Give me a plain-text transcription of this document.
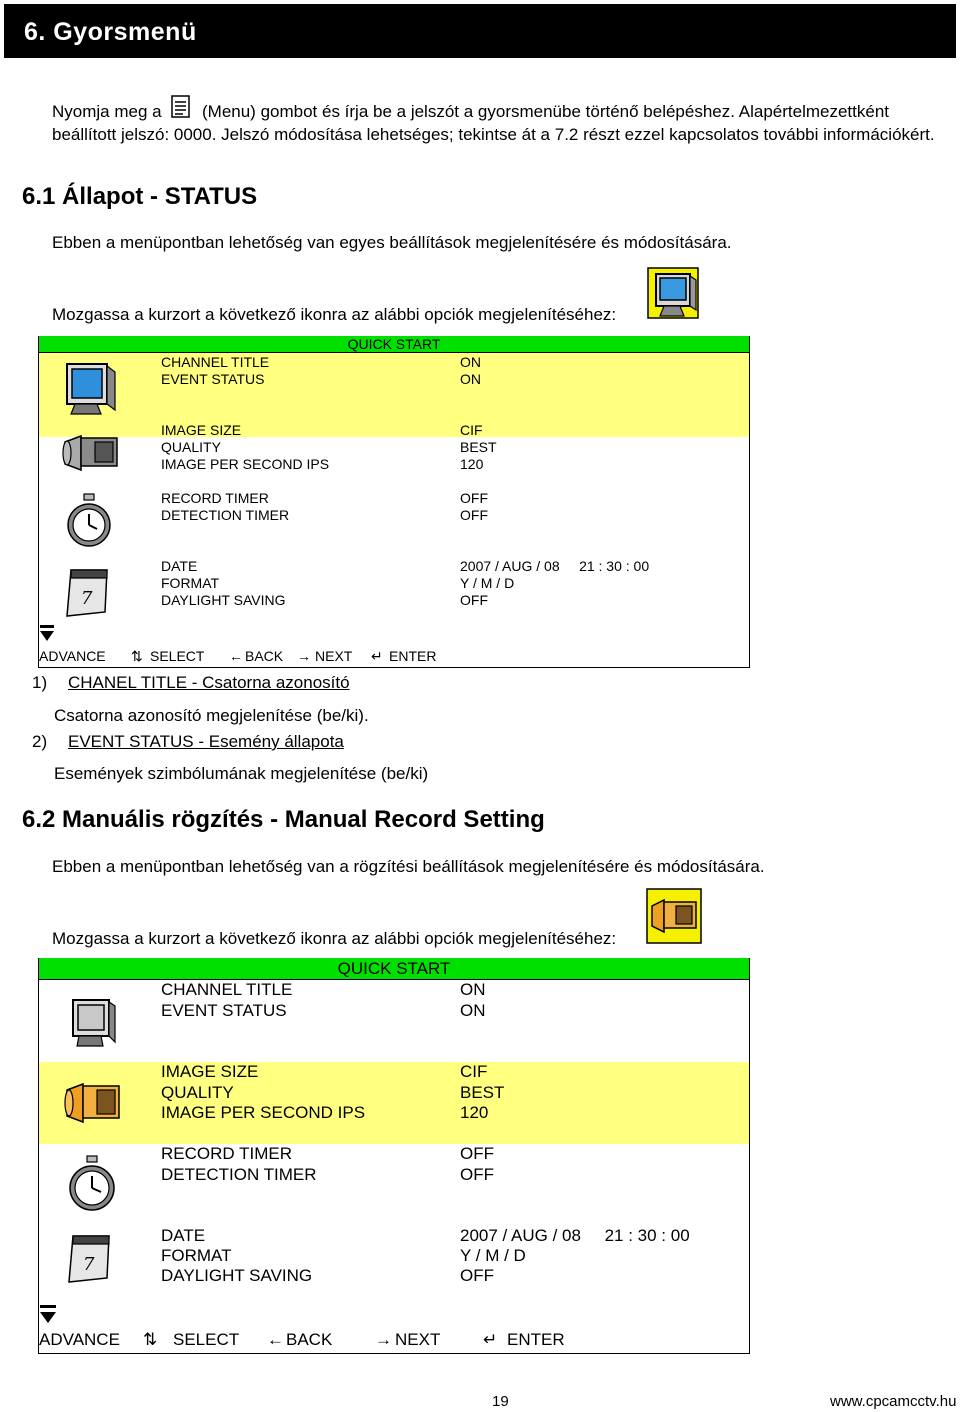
6. Gyorsmenü
Nyomja meg a (Menu) gombot és írja be a jelszót a gyorsmenübe történő belépéshez. Alapértelmezettként
beállított jelszó: 0000. Jelszó módosítása lehetséges; tekintse át a 7.2 részt ezzel kapcsolatos további információkért.
6.1 Állapot - STATUS
Ebben a menüpontban lehetőség van egyes beállítások megjelenítésére és módosítására.
Mozgassa a kurzort a következő ikonra az alábbi opciók megjelenítéséhez:
QUICK START
CHANNEL TITLE	ON
EVENT STATUS	ON
IMAGE SIZE	CIF
QUALITY	BEST
IMAGE PER SECOND IPS	120
RECORD TIMER	OFF
DETECTION TIMER	OFF
7
DATE	2007 / AUG / 08     21 : 30 : 00
FORMAT	Y / M / D
DAYLIGHT SAVING	OFF
ADVANCE ⇅ SELECT ← BACK → NEXT ↵ ENTER
1) CHANEL TITLE - Csatorna azonosító
Csatorna azonosító megjelenítése (be/ki).
2) EVENT STATUS - Esemény állapota
Események szimbólumának megjelenítése (be/ki)
6.2 Manuális rögzítés - Manual Record Setting
Ebben a menüpontban lehetőség van a rögzítési beállítások megjelenítésére és módosítására.
Mozgassa a kurzort a következő ikonra az alábbi opciók megjelenítéséhez:
QUICK START
CHANNEL TITLE	ON
EVENT STATUS	ON
IMAGE SIZE	CIF
QUALITY	BEST
IMAGE PER SECOND IPS	120
RECORD TIMER	OFF
DETECTION TIMER	OFF
7
DATE	2007 / AUG / 08     21 : 30 : 00
FORMAT	Y / M / D
DAYLIGHT SAVING	OFF
ADVANCE ⇅ SELECT ← BACK	→ NEXT	↵ ENTER
19	www.cpcamcctv.hu
